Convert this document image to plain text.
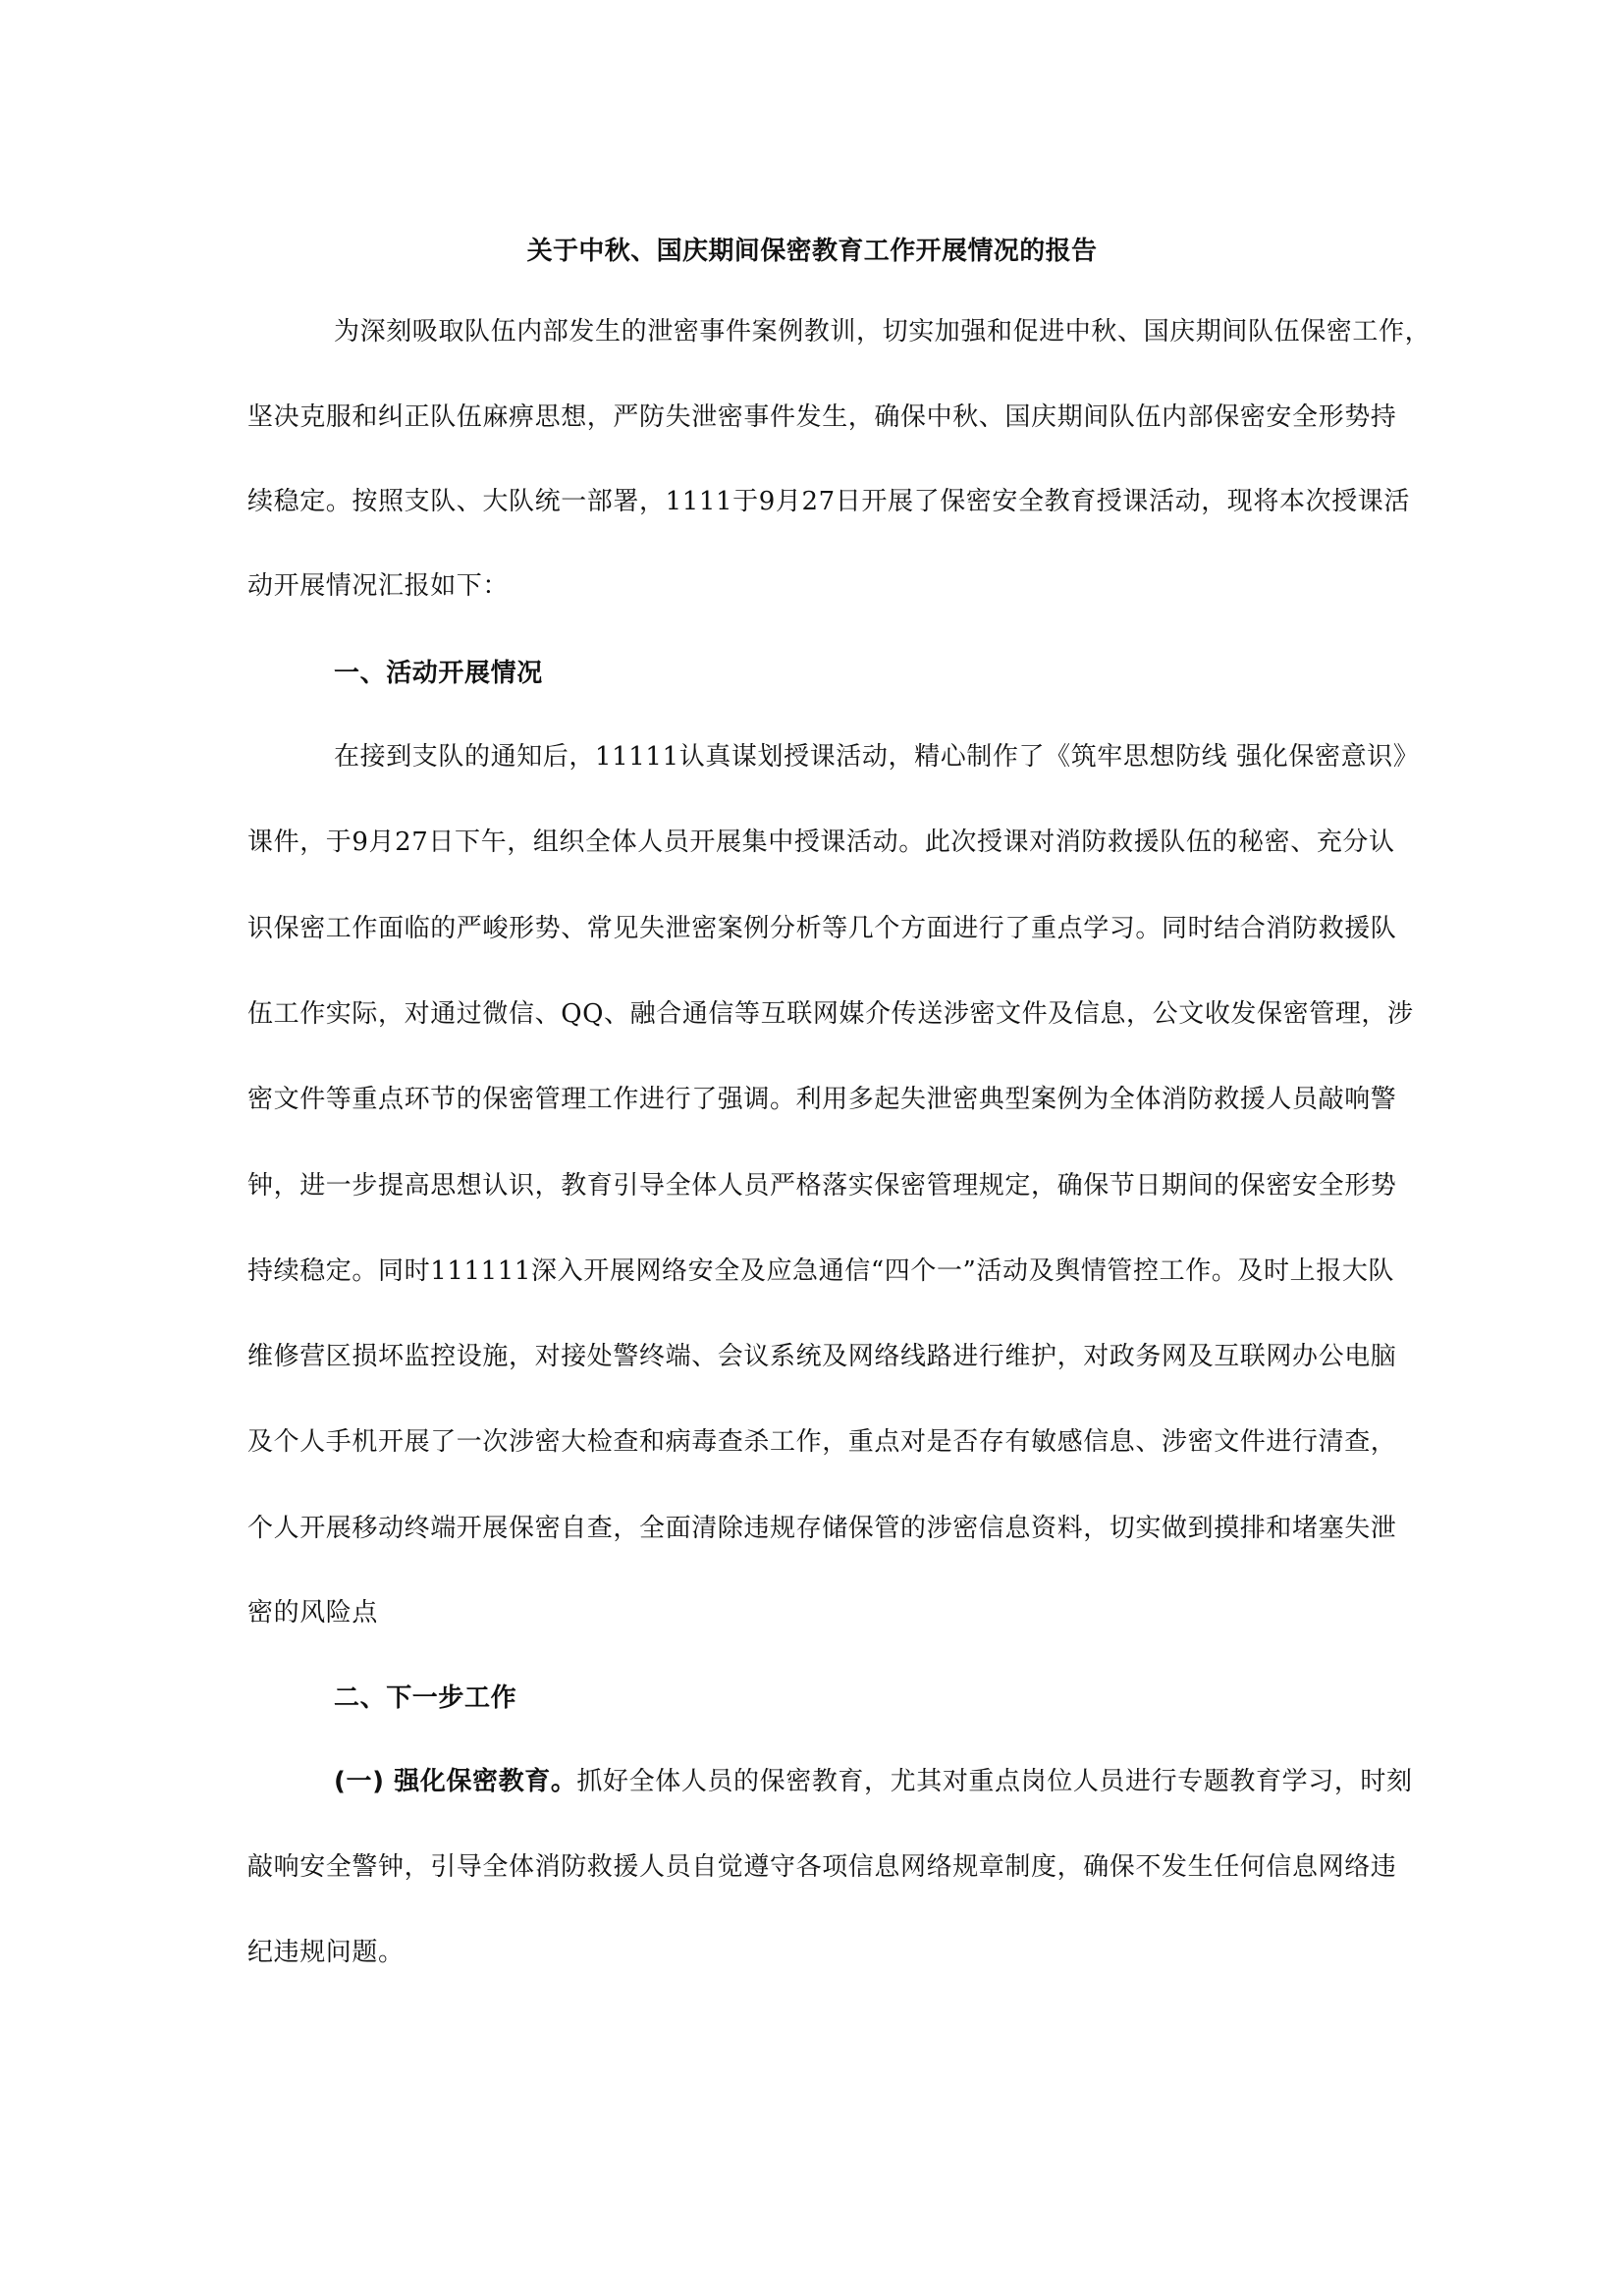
关于中秋、国庆期间保密教育工作开展情况的报告
为深刻吸取队伍内部发生的泄密事件案例教训，切实加强和促进中秋、国庆期间队伍保密工作，
坚决克服和纠正队伍麻痹思想，严防失泄密事件发生，确保中秋、国庆期间队伍内部保密安全形势持
续稳定。按照支队、大队统一部署，1111于9月27日开展了保密安全教育授课活动，现将本次授课活
动开展情况汇报如下：
一、活动开展情况
在接到支队的通知后，11111认真谋划授课活动，精心制作了《筑牢思想防线 强化保密意识》
课件，于9月27日下午，组织全体人员开展集中授课活动。此次授课对消防救援队伍的秘密、充分认
识保密工作面临的严峻形势、常见失泄密案例分析等几个方面进行了重点学习。同时结合消防救援队
伍工作实际，对通过微信、QQ、融合通信等互联网媒介传送涉密文件及信息，公文收发保密管理，涉
密文件等重点环节的保密管理工作进行了强调。利用多起失泄密典型案例为全体消防救援人员敲响警
钟，进一步提高思想认识，教育引导全体人员严格落实保密管理规定，确保节日期间的保密安全形势
持续稳定。同时111111深入开展网络安全及应急通信“四个一”活动及舆情管控工作。及时上报大队
维修营区损坏监控设施，对接处警终端、会议系统及网络线路进行维护，对政务网及互联网办公电脑
及个人手机开展了一次涉密大检查和病毒查杀工作，重点对是否存有敏感信息、涉密文件进行清查，
个人开展移动终端开展保密自查，全面清除违规存储保管的涉密信息资料，切实做到摸排和堵塞失泄
密的风险点
二、下一步工作
(一) 强化保密教育。抓好全体人员的保密教育，尤其对重点岗位人员进行专题教育学习，时刻
敲响安全警钟，引导全体消防救援人员自觉遵守各项信息网络规章制度，确保不发生任何信息网络违
纪违规问题。
